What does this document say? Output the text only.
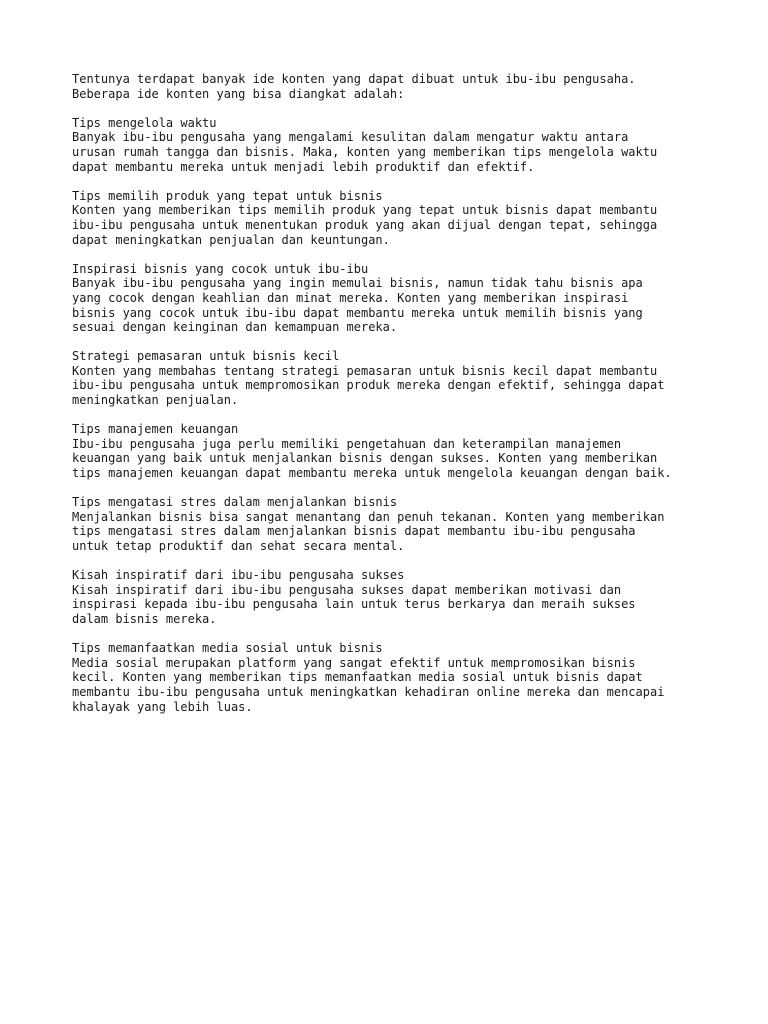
Tentunya terdapat banyak ide konten yang dapat dibuat untuk ibu-ibu pengusaha.
Beberapa ide konten yang bisa diangkat adalah:

Tips mengelola waktu
Banyak ibu-ibu pengusaha yang mengalami kesulitan dalam mengatur waktu antara
urusan rumah tangga dan bisnis. Maka, konten yang memberikan tips mengelola waktu
dapat membantu mereka untuk menjadi lebih produktif dan efektif.

Tips memilih produk yang tepat untuk bisnis
Konten yang memberikan tips memilih produk yang tepat untuk bisnis dapat membantu
ibu-ibu pengusaha untuk menentukan produk yang akan dijual dengan tepat, sehingga
dapat meningkatkan penjualan dan keuntungan.

Inspirasi bisnis yang cocok untuk ibu-ibu
Banyak ibu-ibu pengusaha yang ingin memulai bisnis, namun tidak tahu bisnis apa
yang cocok dengan keahlian dan minat mereka. Konten yang memberikan inspirasi
bisnis yang cocok untuk ibu-ibu dapat membantu mereka untuk memilih bisnis yang
sesuai dengan keinginan dan kemampuan mereka.

Strategi pemasaran untuk bisnis kecil
Konten yang membahas tentang strategi pemasaran untuk bisnis kecil dapat membantu
ibu-ibu pengusaha untuk mempromosikan produk mereka dengan efektif, sehingga dapat
meningkatkan penjualan.

Tips manajemen keuangan
Ibu-ibu pengusaha juga perlu memiliki pengetahuan dan keterampilan manajemen
keuangan yang baik untuk menjalankan bisnis dengan sukses. Konten yang memberikan
tips manajemen keuangan dapat membantu mereka untuk mengelola keuangan dengan baik.

Tips mengatasi stres dalam menjalankan bisnis
Menjalankan bisnis bisa sangat menantang dan penuh tekanan. Konten yang memberikan
tips mengatasi stres dalam menjalankan bisnis dapat membantu ibu-ibu pengusaha
untuk tetap produktif dan sehat secara mental.

Kisah inspiratif dari ibu-ibu pengusaha sukses
Kisah inspiratif dari ibu-ibu pengusaha sukses dapat memberikan motivasi dan
inspirasi kepada ibu-ibu pengusaha lain untuk terus berkarya dan meraih sukses
dalam bisnis mereka.

Tips memanfaatkan media sosial untuk bisnis
Media sosial merupakan platform yang sangat efektif untuk mempromosikan bisnis
kecil. Konten yang memberikan tips memanfaatkan media sosial untuk bisnis dapat
membantu ibu-ibu pengusaha untuk meningkatkan kehadiran online mereka dan mencapai
khalayak yang lebih luas.
